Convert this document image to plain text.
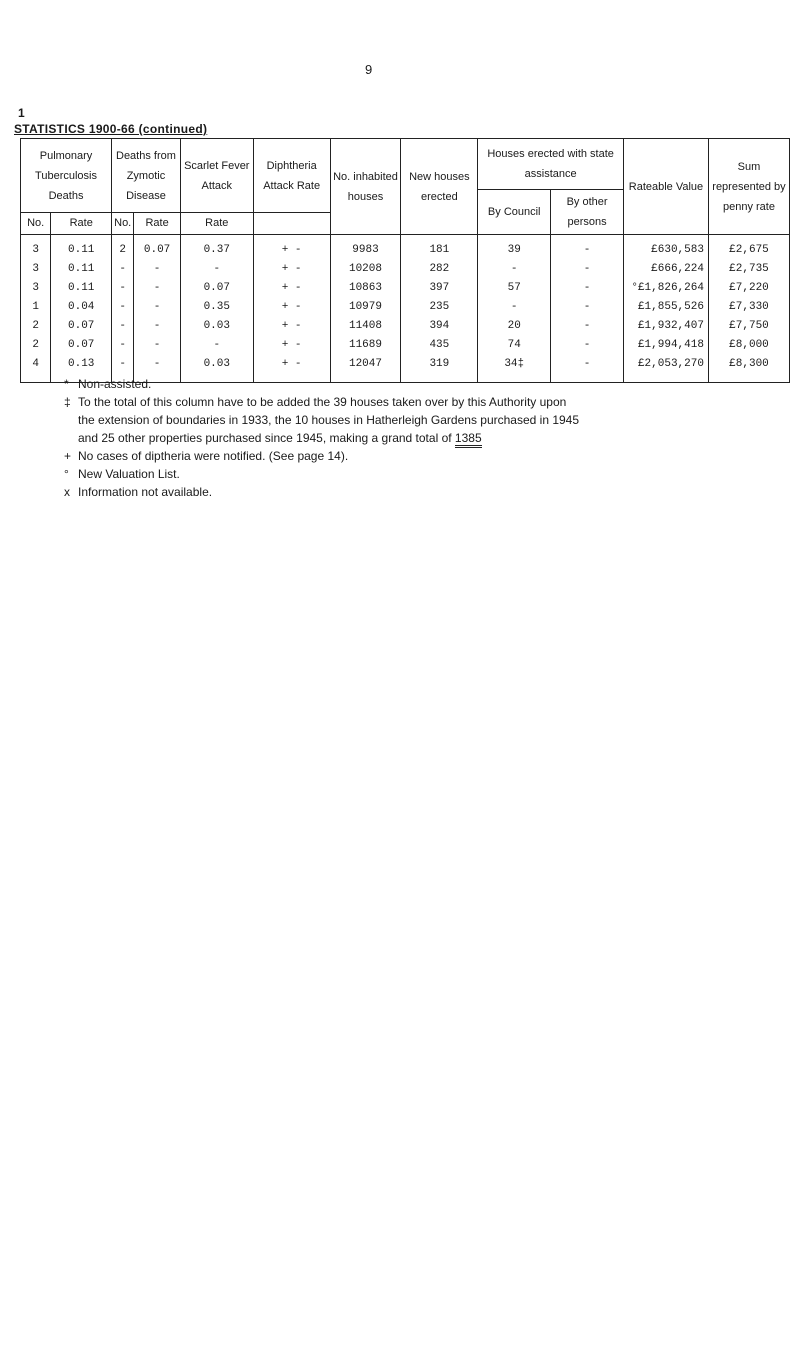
9
1
STATISTICS 1900-66 (continued)
Pulmonary Tuberculosis Deaths		Deaths from Zymotic Disease		Scarlet Fever Attack	Diphtheria Attack Rate	No. inhabited houses	New houses erected	Houses erected with state assistance		Rateable Value	Sum represented by penny rate
								By Council	By other persons		
No.	Rate	No.	Rate	Rate							
3	0.11	2	0.07	0.37	+ -	9983	181	39	-	£630,583	£2,675
3	0.11	-	-	-	+ -	10208	282	-	-	£666,224	£2,735
3	0.11	-	-	0.07	+ -	10863	397	57	-	°£1,826,264	£7,220
1	0.04	-	-	0.35	+ -	10979	235	-	-	£1,855,526	£7,330
2	0.07	-	-	0.03	+ -	11408	394	20	-	£1,932,407	£7,750
2	0.07	-	-	-	+ -	11689	435	74	-	£1,994,418	£8,000
4	0.13	-	-	0.03	+ -	12047	319	34‡	-	£2,053,270	£8,300
* Non-assisted.
‡ To the total of this column have to be added the 39 houses taken over by this Authority upon
the extension of boundaries in 1933, the 10 houses in Hatherleigh Gardens purchased in 1945
and 25 other properties purchased since 1945, making a grand total of 1385
+ No cases of diptheria were notified. (See page 14).
° New Valuation List.
x Information not available.
